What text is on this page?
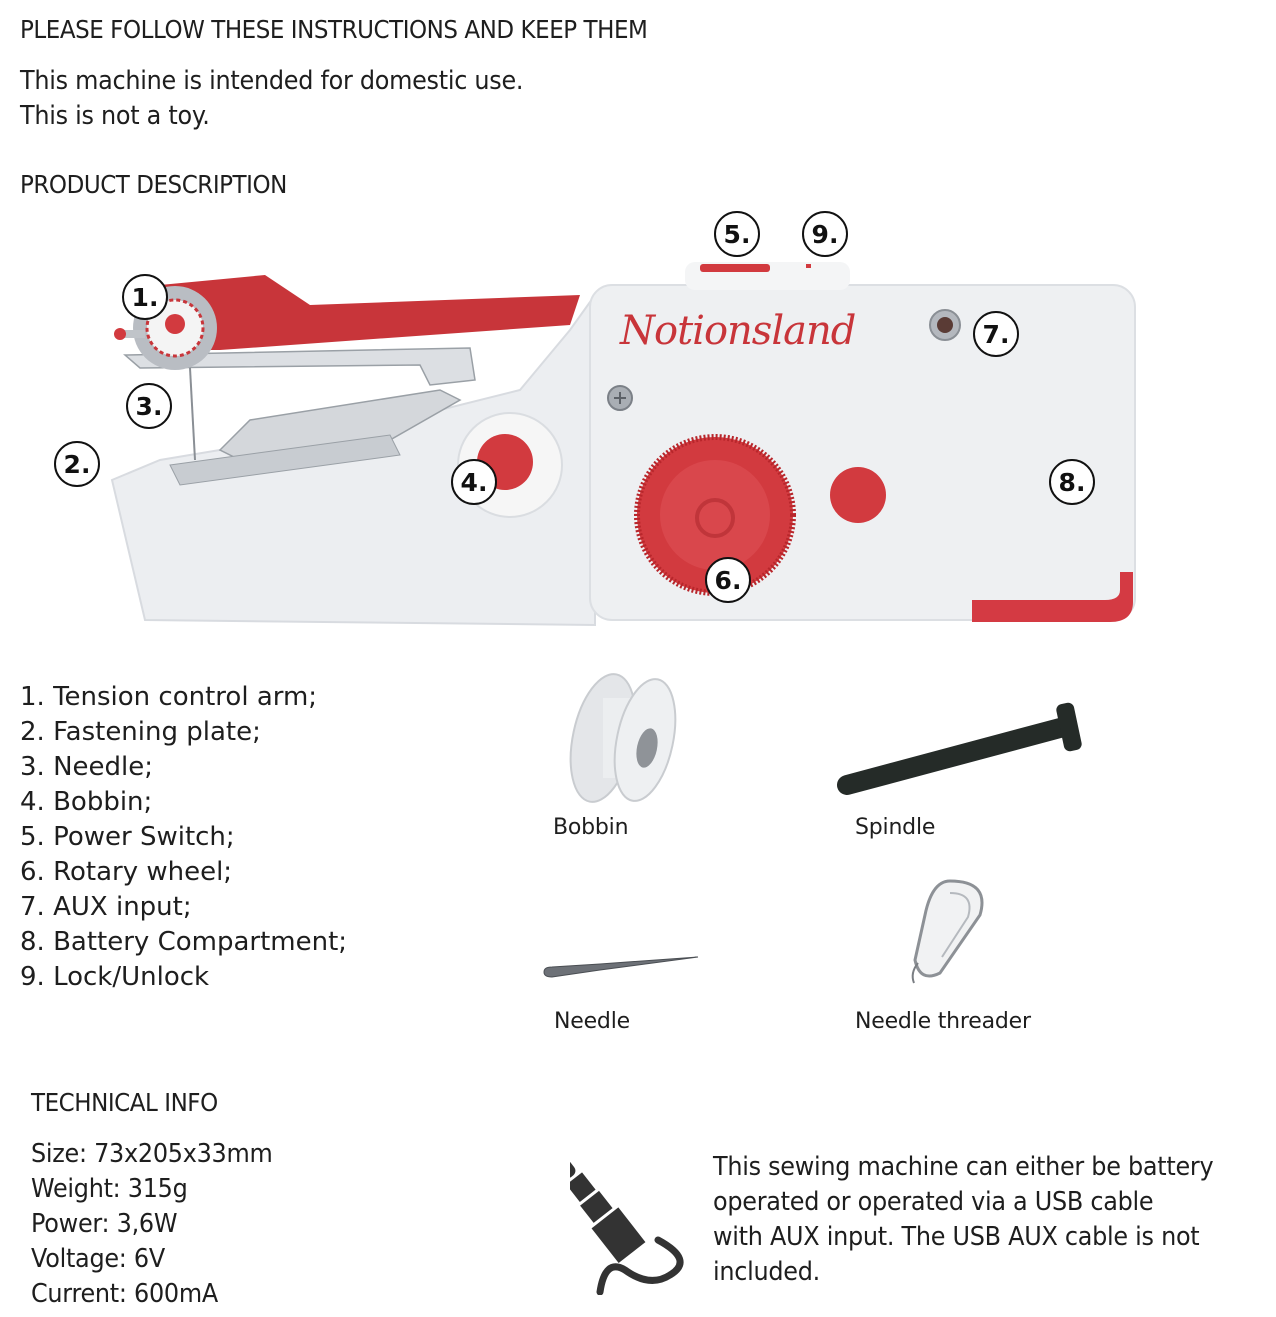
PLEASE FOLLOW THESE INSTRUCTIONS AND KEEP THEM
This machine is intended for domestic use.
This is not a toy.
PRODUCT DESCRIPTION
Notionsland
1.
2.
3.
4.
5.
6.
7.
8.
9.
1. Tension control arm;
2. Fastening plate;
3. Needle;
4. Bobbin;
5. Power Switch;
6. Rotary wheel;
7. AUX input;
8. Battery Compartment;
9. Lock/Unlock
Bobbin	Spindle
Needle	Needle threader
TECHNICAL INFO
Size: 73x205x33mm
Weight: 315g
Power: 3,6W
Voltage: 6V
Current: 600mA
This sewing machine can either be battery
operated or operated via a USB cable
with AUX input. The USB AUX cable is not
included.
